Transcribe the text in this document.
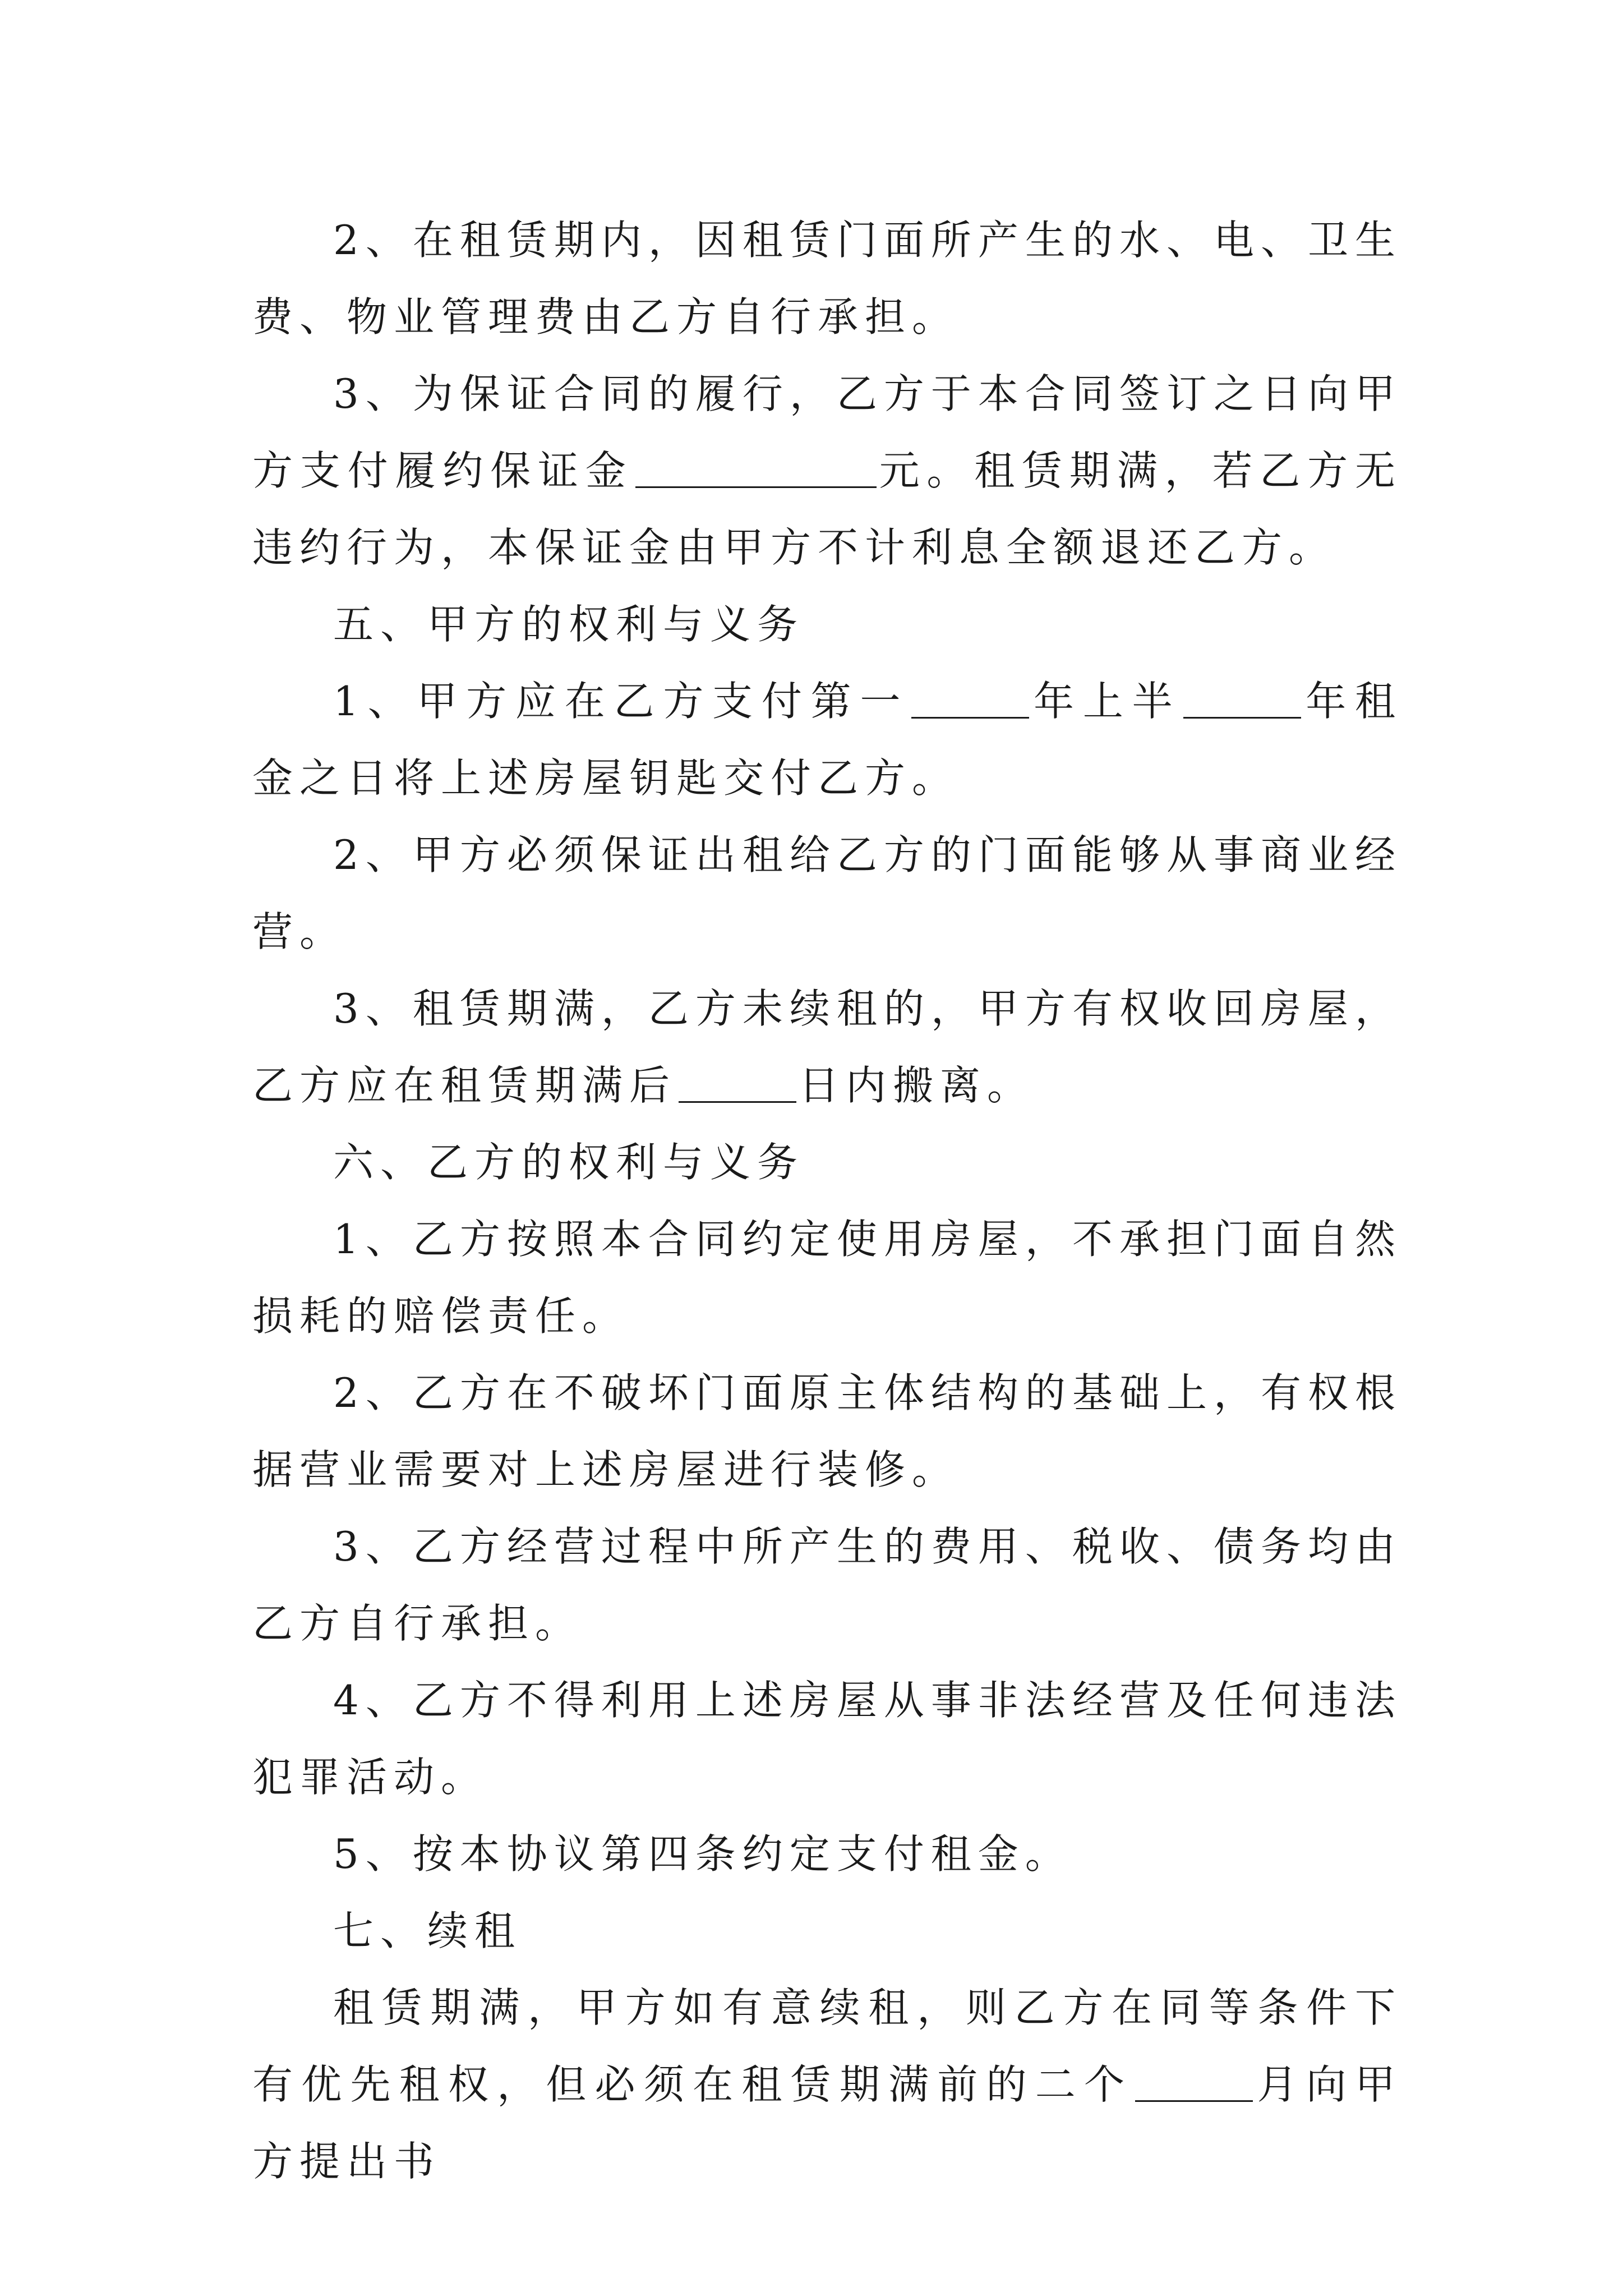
2、在租赁期内，因租赁门面所产生的水、电、卫生费、物业管理费由乙方自行承担。

3、为保证合同的履行，乙方于本合同签订之日向甲方支付履约保证金	元。租赁期满，若乙方无违约行为，本保证金由甲方不计利息全额退还乙方。

五、甲方的权利与义务

1、甲方应在乙方支付第一	年上半	年租金之日将上述房屋钥匙交付乙方。

2、甲方必须保证出租给乙方的门面能够从事商业经营。

3、租赁期满，乙方未续租的，甲方有权收回房屋，乙方应在租赁期满后	日内搬离。

六、乙方的权利与义务

1、乙方按照本合同约定使用房屋，不承担门面自然损耗的赔偿责任。

2、乙方在不破坏门面原主体结构的基础上，有权根据营业需要对上述房屋进行装修。

3、乙方经营过程中所产生的费用、税收、债务均由乙方自行承担。

4、乙方不得利用上述房屋从事非法经营及任何违法犯罪活动。

5、按本协议第四条约定支付租金。

七、续租

租赁期满，甲方如有意续租，则乙方在同等条件下有优先租权，但必须在租赁期满前的二个	月向甲方提出书
